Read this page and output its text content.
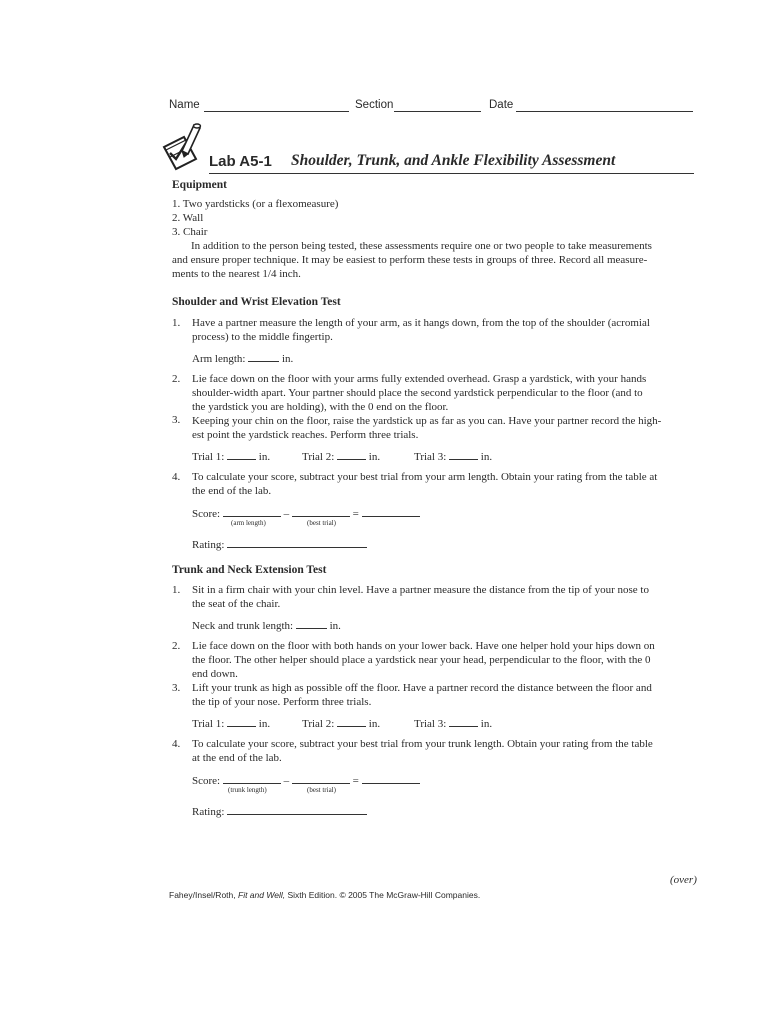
Name	Section	Date
Lab A5-1 Shoulder, Trunk, and Ankle Flexibility Assessment
Equipment
1. Two yardsticks (or a flexomeasure)
2. Wall
3. Chair
In addition to the person being tested, these assessments require one or two people to take measurements
and ensure proper technique. It may be easiest to perform these tests in groups of three. Record all measure-
ments to the nearest 1/4 inch.
Shoulder and Wrist Elevation Test
1. Have a partner measure the length of your arm, as it hangs down, from the top of the shoulder (acromial
process) to the middle fingertip.
Arm length:	in.
2. Lie face down on the floor with your arms fully extended overhead. Grasp a yardstick, with your hands
shoulder-width apart. Your partner should place the second yardstick perpendicular to the floor (and to
the yardstick you are holding), with the 0 end on the floor.
3. Keeping your chin on the floor, raise the yardstick up as far as you can. Have your partner record the high-
est point the yardstick reaches. Perform three trials.
Trial 1:	in.	Trial 2:	in.	Trial 3:	in.
4. To calculate your score, subtract your best trial from your arm length. Obtain your rating from the table at
the end of the lab.
Score:	–	=
(arm length)	(best trial)
Rating:
Trunk and Neck Extension Test
1. Sit in a firm chair with your chin level. Have a partner measure the distance from the tip of your nose to
the seat of the chair.
Neck and trunk length:	in.
2. Lie face down on the floor with both hands on your lower back. Have one helper hold your hips down on
the floor. The other helper should place a yardstick near your head, perpendicular to the floor, with the 0
end down.
3. Lift your trunk as high as possible off the floor. Have a partner record the distance between the floor and
the tip of your nose. Perform three trials.
Trial 1:	in.	Trial 2:	in.	Trial 3:	in.
4. To calculate your score, subtract your best trial from your trunk length. Obtain your rating from the table
at the end of the lab.
Score:	–	=
(trunk length)	(best trial)
Rating:
(over)
Fahey/Insel/Roth, Fit and Well, Sixth Edition. © 2005 The McGraw-Hill Companies.
